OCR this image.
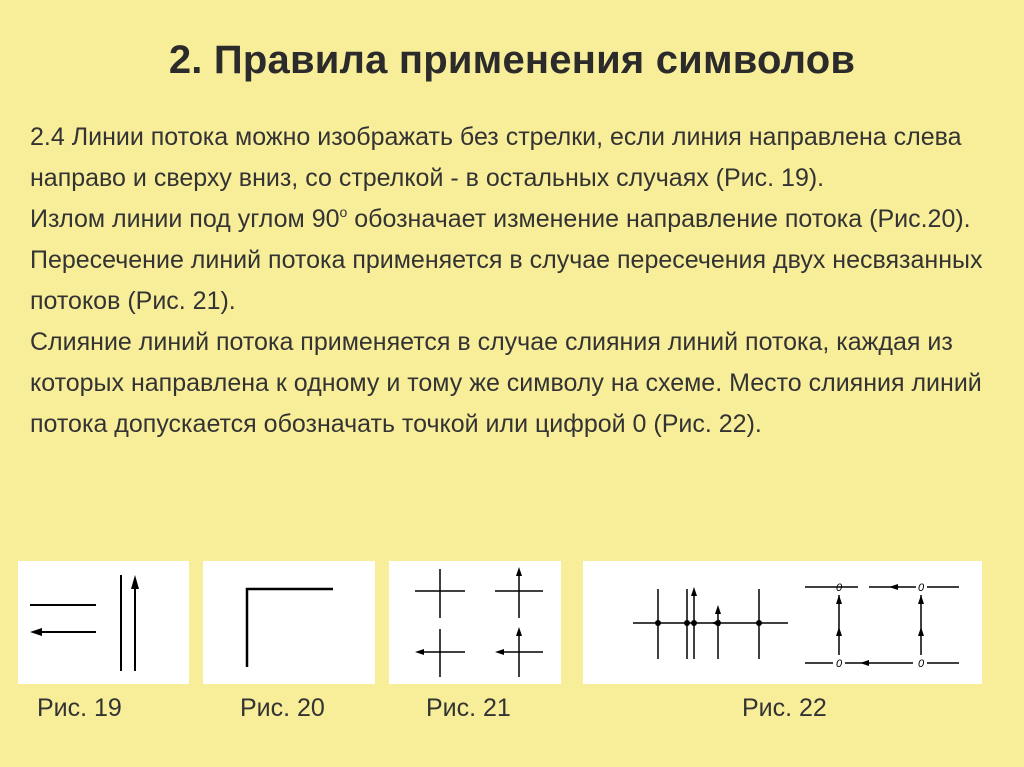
2. Правила применения символов

2.4 Линии потока можно изображать без стрелки, если линия направлена слева направо и сверху вниз, со стрелкой - в остальных случаях (Рис. 19).

Излом линии под углом 90$^o$ обозначает изменение направление потока (Рис.20). Пересечение линий потока применяется в случае пересечения двух несвязанных потоков (Рис. 21).

Слияние линий потока применяется в случае слияния линий потока, каждая из которых направлена к одному и тому же символу на схеме. Место слияния линий потока допускается обозначать точкой или цифрой 0 (Рис. 22).

0	0
0	0
Рис. 19	Рис. 20	Рис. 21	Рис. 22
